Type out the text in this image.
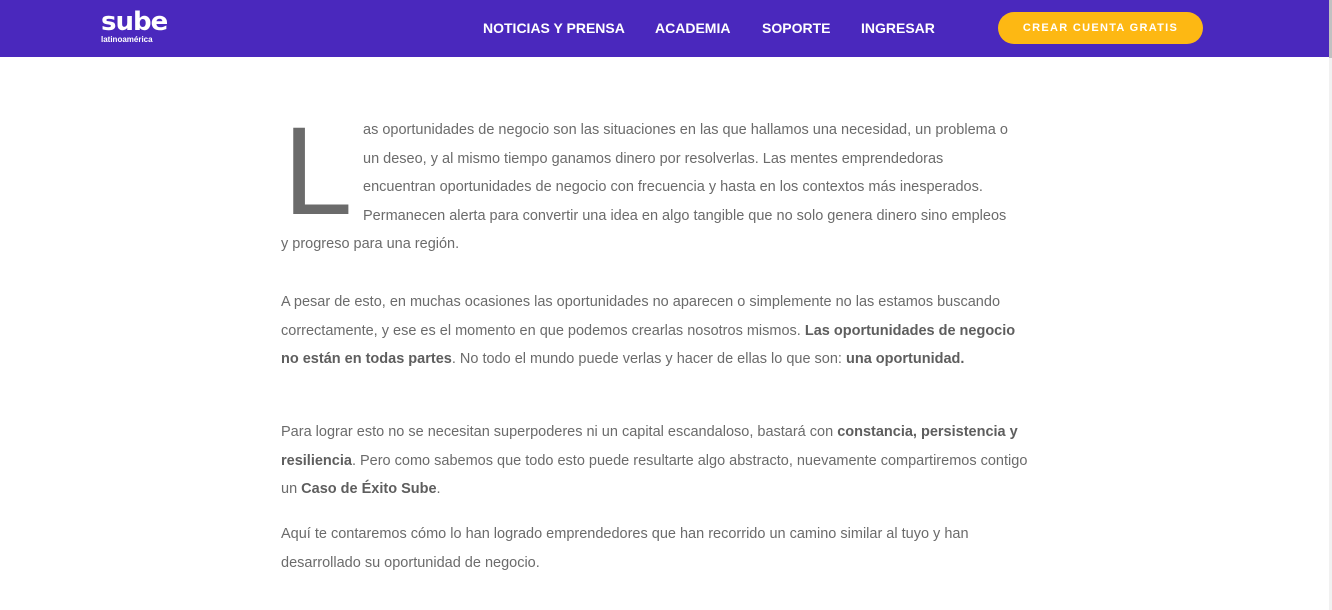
sube
latinoamérica
NOTICIAS Y PRENSA ACADEMIA SOPORTE INGRESAR	CREAR CUENTA GRATIS
L as oportunidades de negocio son las situaciones en las que hallamos una necesidad, un problema o
un deseo, y al mismo tiempo ganamos dinero por resolverlas. Las mentes emprendedoras
encuentran oportunidades de negocio con frecuencia y hasta en los contextos más inesperados.
Permanecen alerta para convertir una idea en algo tangible que no solo genera dinero sino empleos
y progreso para una región.

A pesar de esto, en muchas ocasiones las oportunidades no aparecen o simplemente no las estamos buscando correctamente, y ese es el momento en que podemos crearlas nosotros mismos. Las oportunidades de negocio no están en todas partes. No todo el mundo puede verlas y hacer de ellas lo que son: una oportunidad.

Para lograr esto no se necesitan superpoderes ni un capital escandaloso, bastará con constancia, persistencia y resiliencia. Pero como sabemos que todo esto puede resultarte algo abstracto, nuevamente compartiremos contigo un Caso de Éxito Sube.

Aquí te contaremos cómo lo han logrado emprendedores que han recorrido un camino similar al tuyo y han desarrollado su oportunidad de negocio.
